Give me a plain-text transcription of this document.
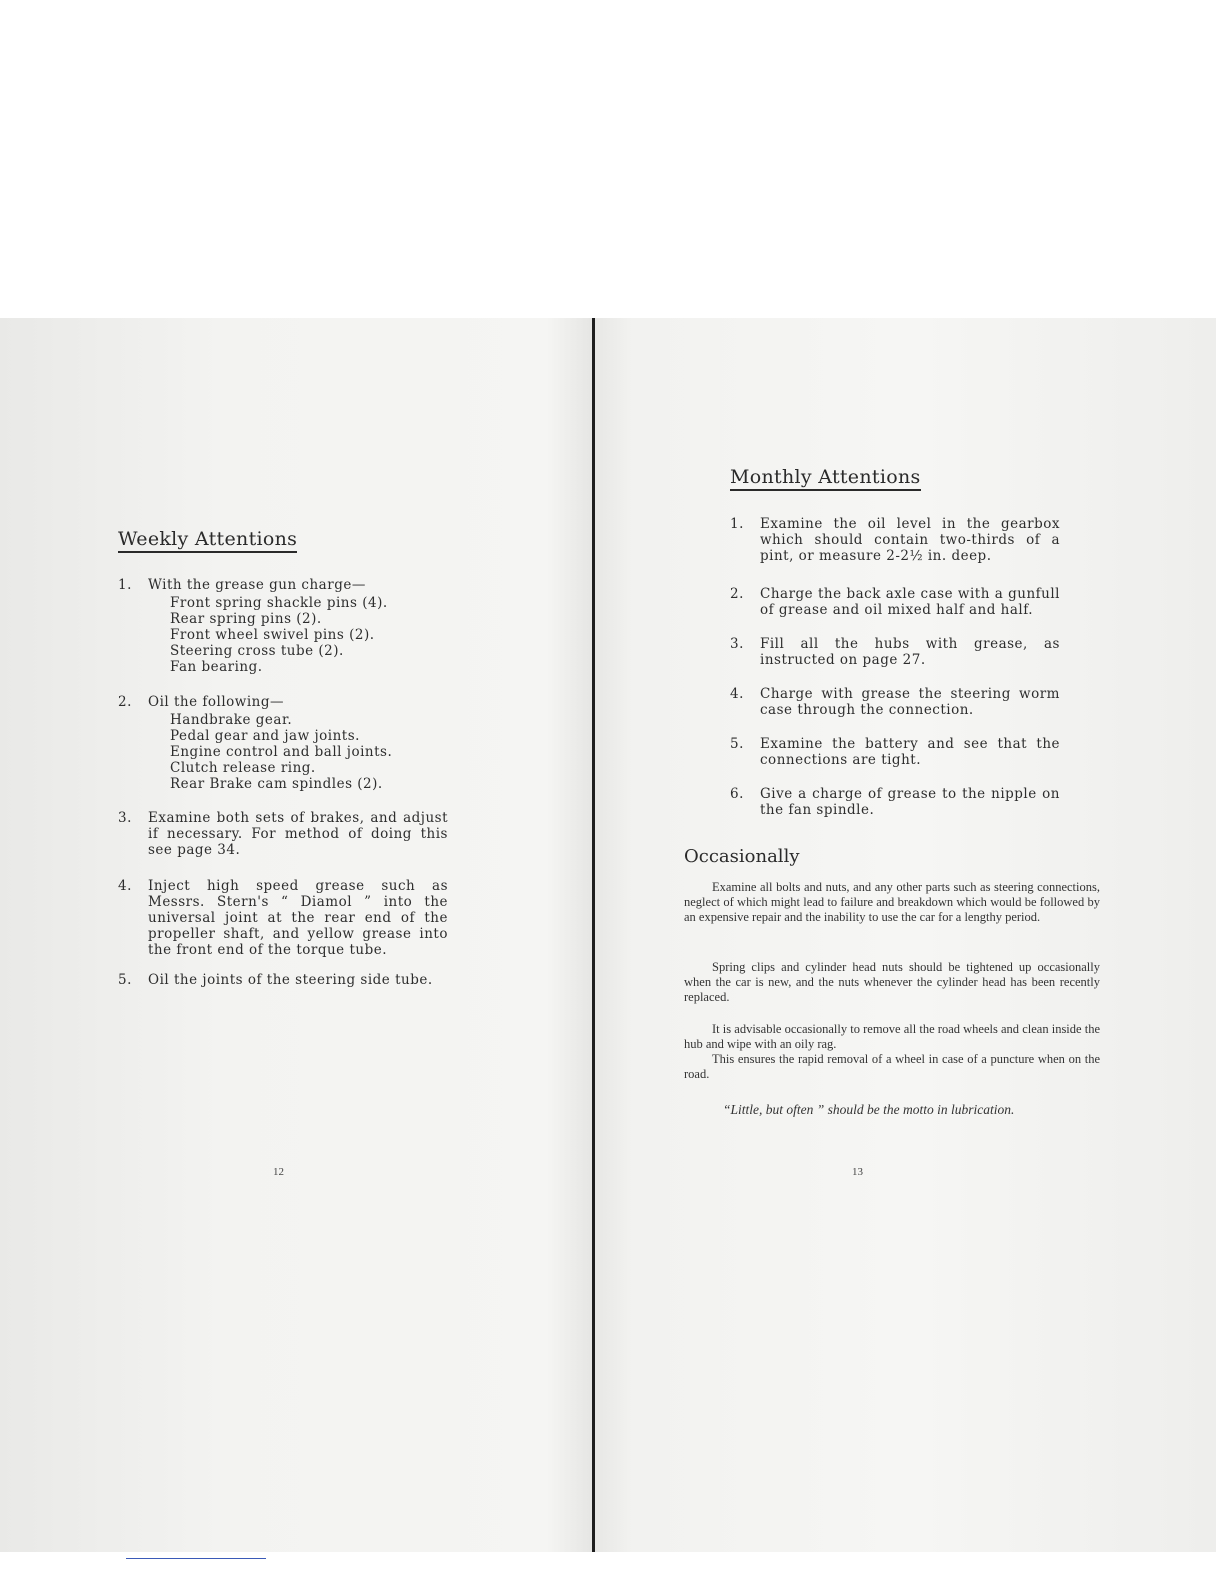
Weekly Attentions
1. With the grease gun charge—
Front spring shackle pins (4).
Rear spring pins (2).
Front wheel swivel pins (2).
Steering cross tube (2).
Fan bearing.
2. Oil the following—
Handbrake gear.
Pedal gear and jaw joints.
Engine control and ball joints.
Clutch release ring.
Rear Brake cam spindles (2).
3. Examine both sets of brakes, and adjust if necessary. For method of doing this see page 34.
4. Inject high speed grease such as Messrs. Stern's “ Diamol ” into the universal joint at the rear end of the propeller shaft, and yellow grease into the front end of the torque tube.
5. Oil the joints of the steering side tube.
12
Monthly Attentions
1. Examine the oil level in the gearbox which should contain two-thirds of a pint, or measure 2-2½ in. deep.
2. Charge the back axle case with a gunfull of grease and oil mixed half and half.
3. Fill all the hubs with grease, as instructed on page 27.
4. Charge with grease the steering worm case through the connection.
5. Examine the battery and see that the connections are tight.
6. Give a charge of grease to the nipple on the fan spindle.
Occasionally
Examine all bolts and nuts, and any other parts such as steering connections, neglect of which might lead to failure and breakdown which would be followed by an expensive repair and the inability to use the car for a lengthy period.
Spring clips and cylinder head nuts should be tightened up occasionally when the car is new, and the nuts whenever the cylinder head has been recently replaced.
It is advisable occasionally to remove all the road wheels and clean inside the hub and wipe with an oily rag.
This ensures the rapid removal of a wheel in case of a puncture when on the road.
“Little, but often ” should be the motto in lubrication.
13
